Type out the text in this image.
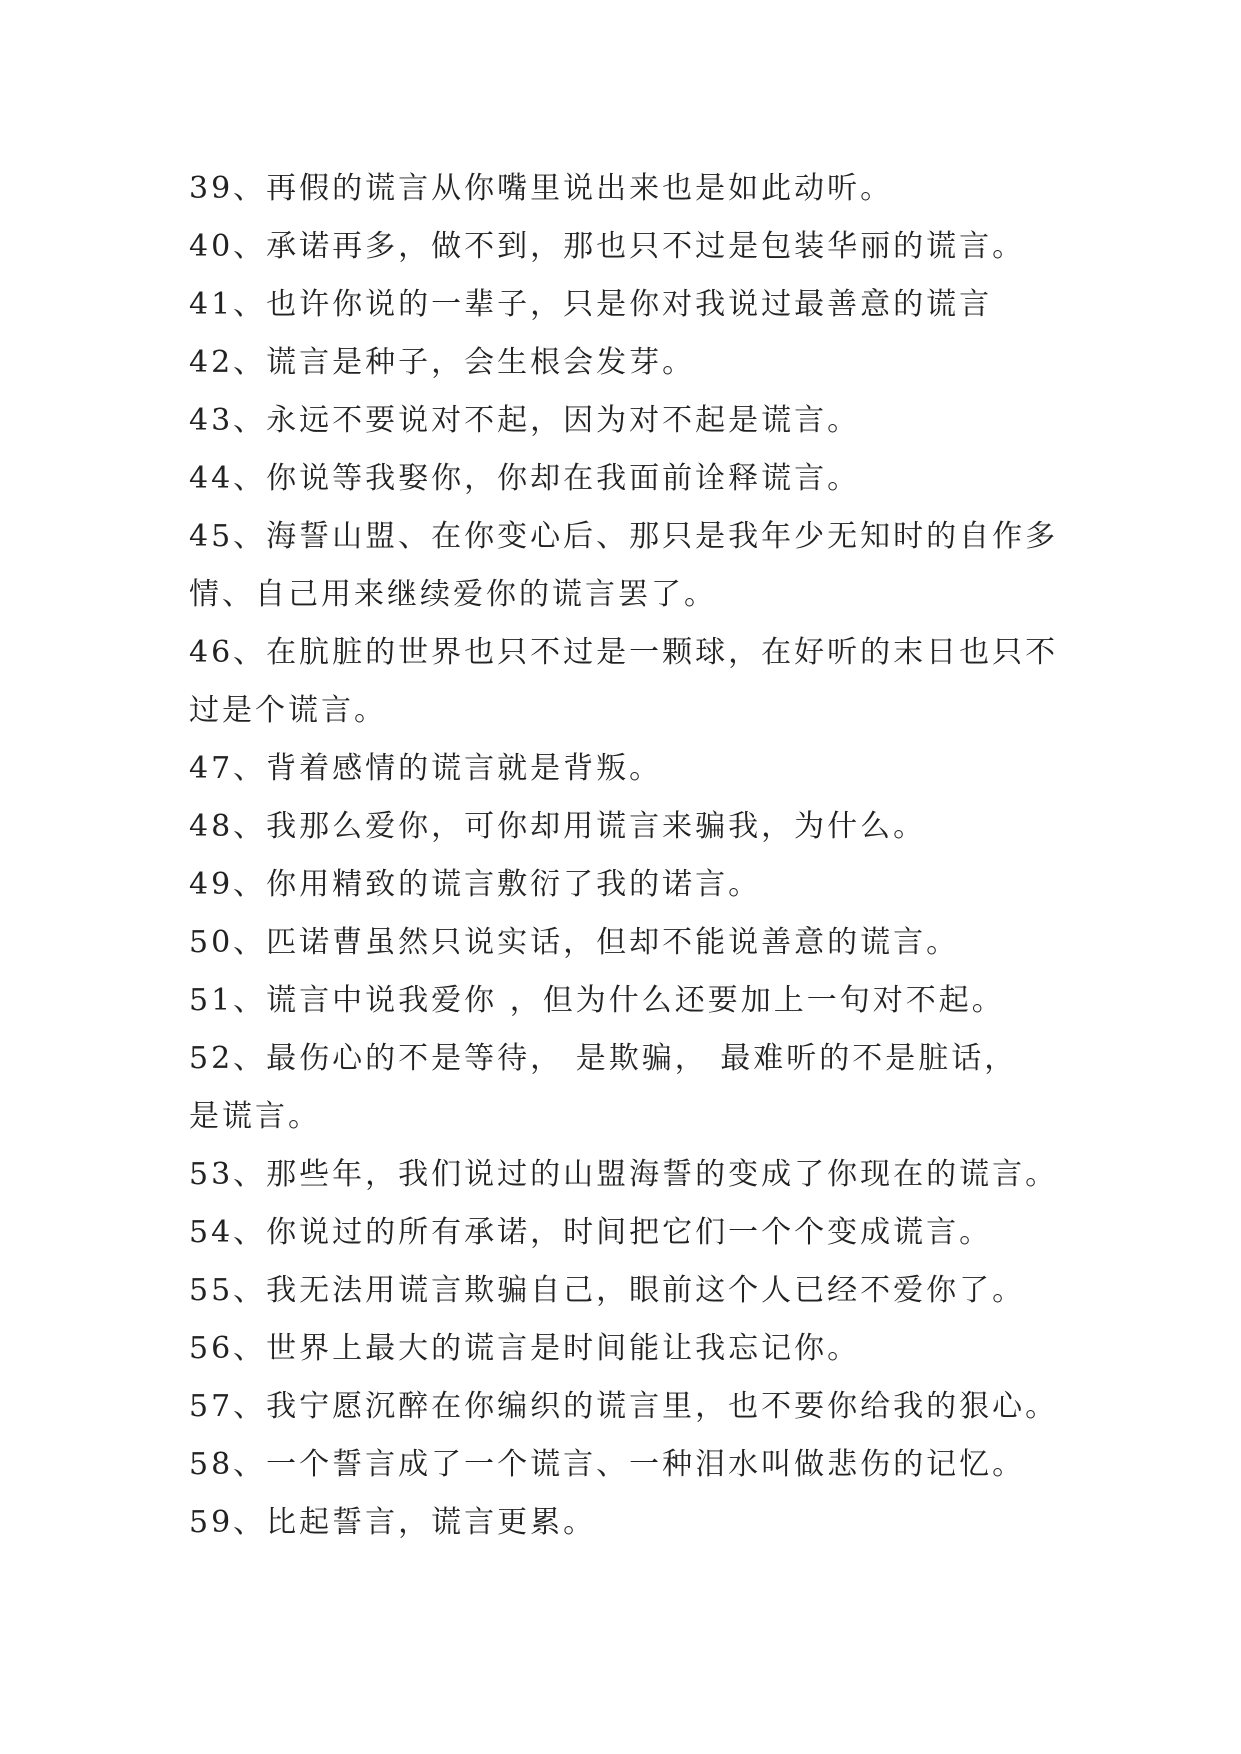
39、再假的谎言从你嘴里说出来也是如此动听。
40、承诺再多，做不到，那也只不过是包装华丽的谎言。
41、也许你说的一辈子，只是你对我说过最善意的谎言
42、谎言是种子，会生根会发芽。
43、永远不要说对不起，因为对不起是谎言。
44、你说等我娶你，你却在我面前诠释谎言。
45、海誓山盟、在你变心后、那只是我年少无知时的自作多
情、自己用来继续爱你的谎言罢了。
46、在肮脏的世界也只不过是一颗球，在好听的末日也只不
过是个谎言。
47、背着感情的谎言就是背叛。
48、我那么爱你，可你却用谎言来骗我，为什么。
49、你用精致的谎言敷衍了我的诺言。
50、匹诺曹虽然只说实话，但却不能说善意的谎言。
51、谎言中说我爱你 ，但为什么还要加上一句对不起。
52、最伤心的不是等待， 是欺骗， 最难听的不是脏话，
是谎言。
53、那些年，我们说过的山盟海誓的变成了你现在的谎言。
54、你说过的所有承诺，时间把它们一个个变成谎言。
55、我无法用谎言欺骗自己，眼前这个人已经不爱你了。
56、世界上最大的谎言是时间能让我忘记你。
57、我宁愿沉醉在你编织的谎言里，也不要你给我的狠心。
58、一个誓言成了一个谎言、一种泪水叫做悲伤的记忆。
59、比起誓言，谎言更累。
